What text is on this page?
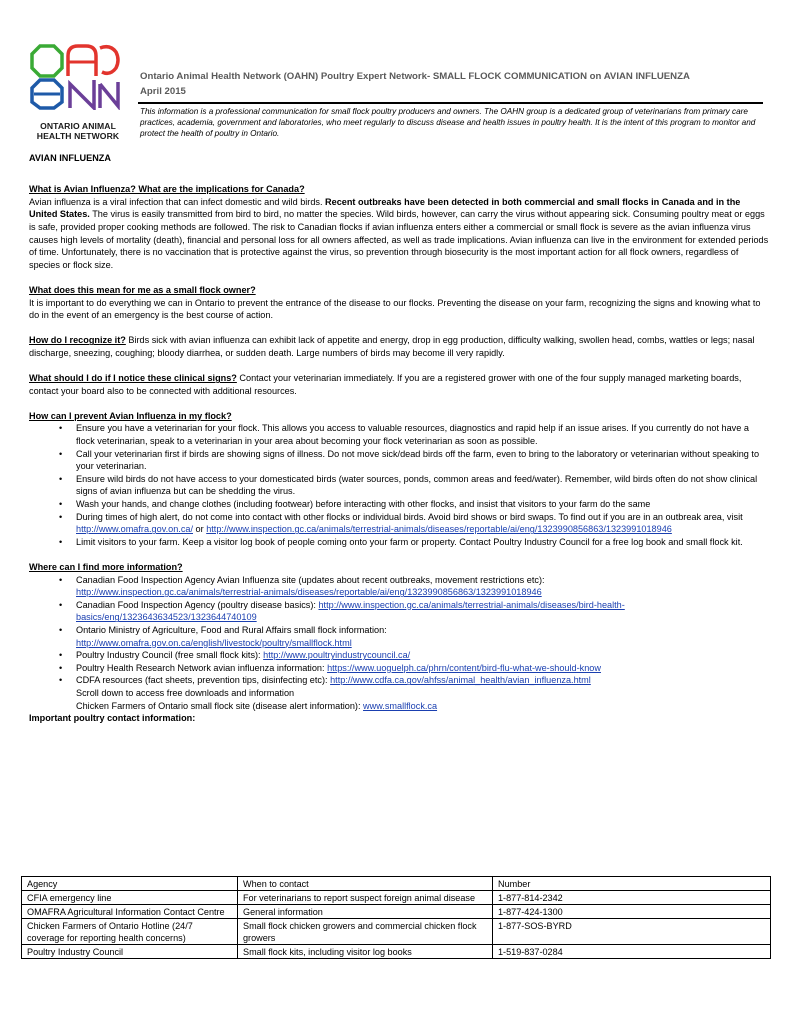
ONTARIO ANIMAL
HEALTH NETWORK
Ontario Animal Health Network (OAHN) Poultry Expert Network- SMALL FLOCK COMMUNICATION on AVIAN INFLUENZA
April 2015
This information is a professional communication for small flock poultry producers and owners. The OAHN group is a dedicated group of veterinarians from primary care practices, academia, government and laboratories, who meet regularly to discuss disease and health issues in poultry health. It is the intent of this program to monitor and protect the health of poultry in Ontario.

AVIAN INFLUENZA

What is Avian Influenza? What are the implications for Canada?

Avian influenza is a viral infection that can infect domestic and wild birds. Recent outbreaks have been detected in both commercial and small flocks in Canada and in the United States. The virus is easily transmitted from bird to bird, no matter the species. Wild birds, however, can carry the virus without appearing sick. Consuming poultry meat or eggs is safe, provided proper cooking methods are followed. The risk to Canadian flocks if avian influenza enters either a commercial or small flock is severe as the avian influenza virus causes high levels of mortality (death), financial and personal loss for all owners affected, as well as trade implications. Avian influenza can live in the environment for extended periods of time. Unfortunately, there is no vaccination that is protective against the virus, so prevention through biosecurity is the most important action for all flock owners, regardless of species or flock size.

What does this mean for me as a small flock owner?

It is important to do everything we can in Ontario to prevent the entrance of the disease to our flocks. Preventing the disease on your farm, recognizing the signs and knowing what to do in the event of an emergency is the best course of action.

How do I recognize it? Birds sick with avian influenza can exhibit lack of appetite and energy, drop in egg production, difficulty walking, swollen head, combs, wattles or legs; nasal discharge, sneezing, coughing; bloody diarrhea, or sudden death. Large numbers of birds may become ill very rapidly.

What should I do if I notice these clinical signs? Contact your veterinarian immediately. If you are a registered grower with one of the four supply managed marketing boards, contact your board also to be connected with additional resources.

How can I prevent Avian Influenza in my flock?

• Ensure you have a veterinarian for your flock. This allows you access to valuable resources, diagnostics and rapid help if an issue arises. If you currently do not have a flock veterinarian, speak to a veterinarian in your area about becoming your flock veterinarian as soon as possible.
• Call your veterinarian first if birds are showing signs of illness. Do not move sick/dead birds off the farm, even to bring to the laboratory or veterinarian without speaking to your veterinarian.
• Ensure wild birds do not have access to your domesticated birds (water sources, ponds, common areas and feed/water). Remember, wild birds often do not show clinical signs of avian influenza but can be shedding the virus.
• Wash your hands, and change clothes (including footwear) before interacting with other flocks, and insist that visitors to your farm do the same
• During times of high alert, do not come into contact with other flocks or individual birds. Avoid bird shows or bird swaps. To find out if you are in an outbreak area, visit http://www.omafra.gov.on.ca/ or http://www.inspection.gc.ca/animals/terrestrial-animals/diseases/reportable/ai/eng/1323990856863/1323991018946
• Limit visitors to your farm. Keep a visitor log book of people coming onto your farm or property. Contact Poultry Industry Council for a free log book and small flock kit.

Where can I find more information?

• Canadian Food Inspection Agency Avian Influenza site (updates about recent outbreaks, movement restrictions etc):
http://www.inspection.gc.ca/animals/terrestrial-animals/diseases/reportable/ai/eng/1323990856863/1323991018946
• Canadian Food Inspection Agency (poultry disease basics): http://www.inspection.gc.ca/animals/terrestrial-animals/diseases/bird-health-basics/eng/1323643634523/1323644740109
• Ontario Ministry of Agriculture, Food and Rural Affairs small flock information:
http://www.omafra.gov.on.ca/english/livestock/poultry/smallflock.html
• Poultry Industry Council (free small flock kits): http://www.poultryindustrycouncil.ca/
• Poultry Health Research Network avian influenza information: https://www.uoguelph.ca/phrn/content/bird-flu-what-we-should-know
• CDFA resources (fact sheets, prevention tips, disinfecting etc): http://www.cdfa.ca.gov/ahfss/animal_health/avian_influenza.html

Scroll down to access free downloads and information

Chicken Farmers of Ontario small flock site (disease alert information): www.smallflock.ca

Important poultry contact information:

Agency	When to contact	Number
CFIA emergency line	For veterinarians to report suspect foreign animal disease	1-877-814-2342
OMAFRA Agricultural Information Contact Centre	General information	1-877-424-1300
Chicken Farmers of Ontario Hotline (24/7 coverage for reporting health concerns)	Small flock chicken growers and commercial chicken flock growers	1-877-SOS-BYRD
Poultry Industry Council	Small flock kits, including visitor log books	1-519-837-0284
